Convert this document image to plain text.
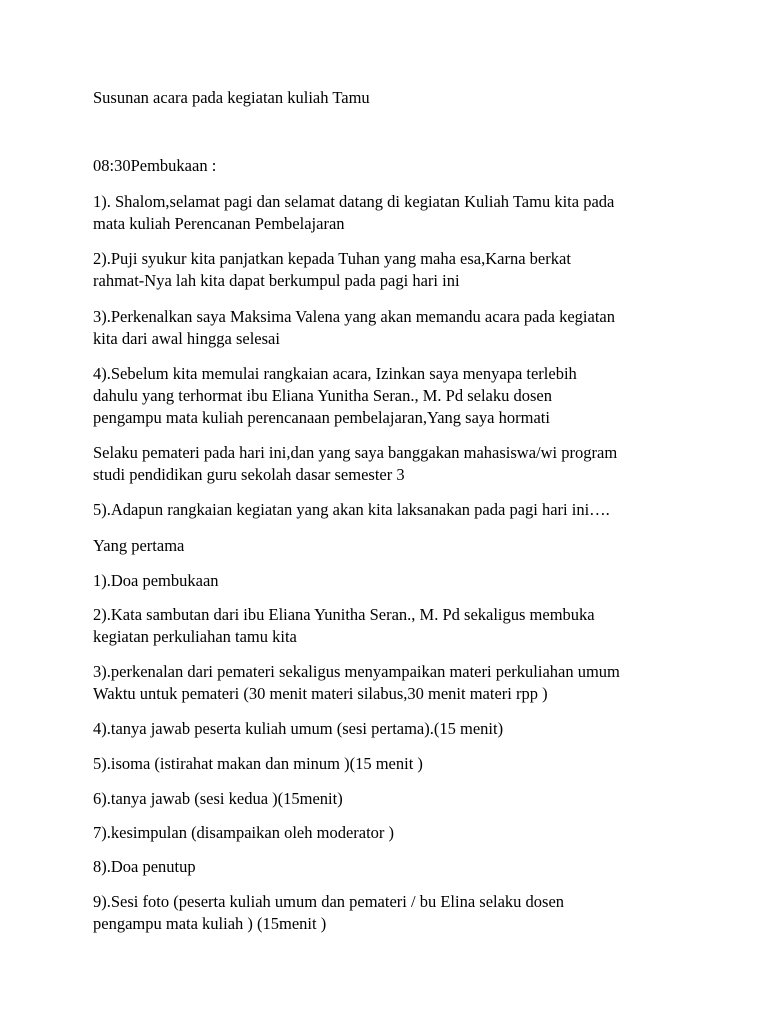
Susunan acara pada kegiatan kuliah Tamu

08:30Pembukaan :

1). Shalom,selamat pagi dan selamat datang di kegiatan Kuliah Tamu kita pada

mata kuliah Perencanan Pembelajaran

2).Puji syukur kita panjatkan kepada Tuhan yang maha esa,Karna berkat

rahmat-Nya lah kita dapat berkumpul pada pagi hari ini

3).Perkenalkan saya Maksima Valena yang akan memandu acara pada kegiatan

kita dari awal hingga selesai

4).Sebelum kita memulai rangkaian acara, Izinkan saya menyapa terlebih

dahulu yang terhormat ibu Eliana Yunitha Seran., M. Pd selaku dosen

pengampu mata kuliah perencanaan pembelajaran,Yang saya hormati

Selaku pemateri pada hari ini,dan yang saya banggakan mahasiswa/wi program

studi pendidikan guru sekolah dasar semester 3

5).Adapun rangkaian kegiatan yang akan kita laksanakan pada pagi hari ini….

Yang pertama

1).Doa pembukaan

2).Kata sambutan dari ibu Eliana Yunitha Seran., M. Pd sekaligus membuka

kegiatan perkuliahan tamu kita

3).perkenalan dari pemateri sekaligus menyampaikan materi perkuliahan umum

Waktu untuk pemateri (30 menit materi silabus,30 menit materi rpp )

4).tanya jawab peserta kuliah umum (sesi pertama).(15 menit)

5).isoma (istirahat makan dan minum )(15 menit )

6).tanya jawab (sesi kedua )(15menit)

7).kesimpulan (disampaikan oleh moderator )

8).Doa penutup

9).Sesi foto (peserta kuliah umum dan pemateri / bu Elina selaku dosen

pengampu mata kuliah ) (15menit )
